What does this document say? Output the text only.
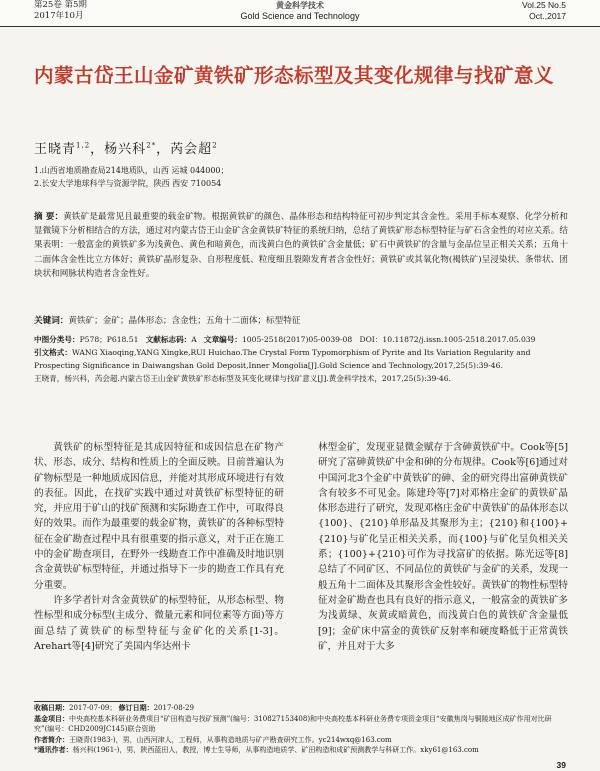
第25卷 第5期
2017年10月
黄金科学技术
Gold Science and Technology
Vol.25 No.5
Oct.,2017
内蒙古岱王山金矿黄铁矿形态标型及其变化规律与找矿意义
王晓青$^{1,2}$，杨兴科$^{2*}$，芮会超$^2$
1.山西省地质勘查局214地质队，山西 运城 044000；
2.长安大学地球科学与资源学院，陕西 西安 710054
摘 要：黄铁矿是最常见且最重要的载金矿物。根据黄铁矿的颜色、晶体形态和结构特征可初步判定其含金性。采用手标本观察、化学分析和显微镜下分析相结合的方法，通过对内蒙古岱王山金矿含金黄铁矿特征的系统归纳，总结了黄铁矿形态标型特征与矿石含金性的对应关系。结果表明：一般富金的黄铁矿多为浅黄色、黄色和暗黄色，而浅黄白色的黄铁矿含金量低；矿石中黄铁矿的含量与金品位呈正相关关系；五角十二面体含金性比立方体好；黄铁矿晶形复杂、自形程度低、粒度细且裂隙发育者含金性好；黄铁矿或其氧化物(褐铁矿)呈浸染状、条带状、团块状和网脉状构造者含金性好。
关键词：黄铁矿；金矿；晶体形态；含金性；五角十二面体；标型特征
中图分类号：P578；P618.51 文献标志码：A 文章编号：1005-2518(2017)05-0039-08 DOI：10.11872/j.issn.1005-2518.2017.05.039
引文格式：WANG Xiaoqing,YANG Xingke,RUI Huichao.The Crystal Form Typomorphism of Pyrite and Its Variation Regularity and Prospecting Significance in Daiwangshan Gold Deposit,Inner Mongolia[J].Gold Science and Technology,2017,25(5):39-46.
王晓青，杨兴科，芮会超.内蒙古岱王山金矿黄铁矿形态标型及其变化规律与找矿意义[J].黄金科学技术，2017,25(5):39-46.

黄铁矿的标型特征是其成因特征和成因信息在矿物产状、形态、成分、结构和性质上的全面反映。目前普遍认为矿物标型是一种地质成因信息，并能对其形成环境进行有效的表征。因此，在找矿实践中通过对黄铁矿标型特征的研究，并应用于矿山的找矿预测和实际勘查工作中，可取得良好的效果。而作为最重要的载金矿物，黄铁矿的各种标型特征在金矿勘查过程中具有很重要的指示意义，对于正在施工中的金矿勘查项目，在野外一线勘查工作中准确及时地识别含金黄铁矿标型特征，并通过指导下一步的勘查工作具有充分重要。

许多学者针对含金黄铁矿的标型特征，从形态标型、物性标型和成分标型(主成分、微量元素和同位素等方面)等方面总结了黄铁矿的标型特征与金矿化的关系[1-3]。Arehart等[4]研究了美国内华达州卡

林型金矿，发现亚显微金赋存于含砷黄铁矿中。Cook等[5]研究了富砷黄铁矿中金和砷的分布规律。Cook等[6]通过对中国河北3个金矿中黄铁矿的砷、金的研究得出富砷黄铁矿含有较多不可见金。陈建玲等[7]对邓格庄金矿的黄铁矿晶体形态进行了研究，发现邓格庄金矿中黄铁矿的晶体形态以{100}、{210}单形晶及其聚形为主；{210}和{100}+{210}与矿化呈正相关关系，而{100}与矿化呈负相关关系；{100}+{210}可作为寻找富矿的依据。陈光远等[8]总结了不同矿区、不同品位的黄铁矿与金矿的关系，发现一般五角十二面体及其聚形含金性较好。黄铁矿的物性标型特征对金矿勘查也具有良好的指示意义，一般富金的黄铁矿多为浅黄绿、灰黄或暗黄色，而浅黄白色的黄铁矿含金量低[9]；金矿床中富金的黄铁矿反射率和硬度略低于正常黄铁矿，并且对于大多

收稿日期：2017-07-09； 修订日期：2017-08-29
基金项目：中央高校基本科研业务费项目“矿田构造与找矿预测”(编号：310827153408)和中央高校基本科研业务费专项资金项目“安徽焦岗与铜陵地区成矿作用对比研究”(编号：CHD2009JC145)联合资助
作者简介：王晓青(1983-)，男，山西河津人，工程师，从事构造地质与矿产勘查研究工作。yc214wxq@163.com
*通讯作者：杨兴科(1961-)，男，陕西蓝田人，教授，博士生导师，从事构造地质学、矿田构造和成矿预测教学与科研工作。xky61@163.com
39
